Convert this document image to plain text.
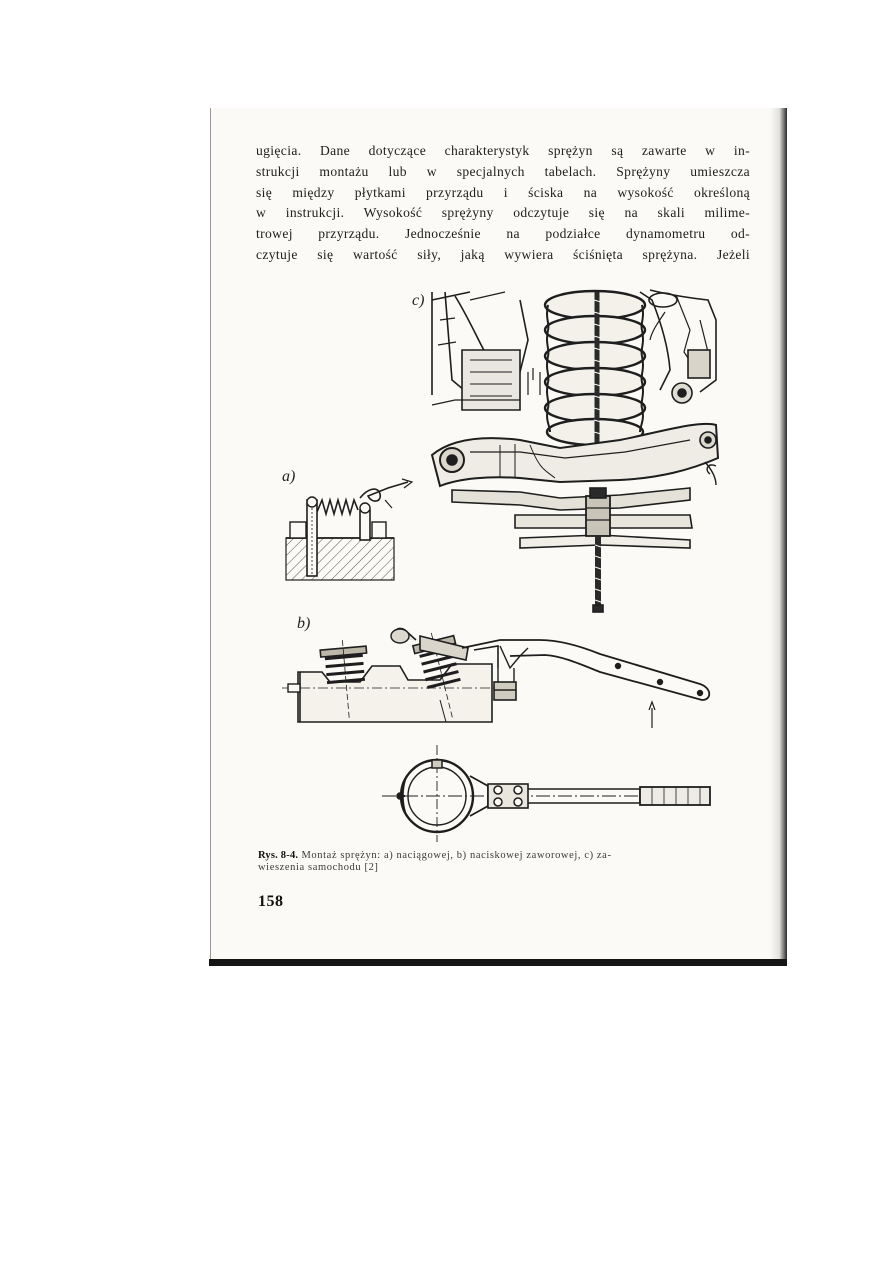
ugięcia. Dane dotyczące charakterystyk sprężyn są zawarte w in-
strukcji montażu lub w specjalnych tabelach. Sprężyny umieszcza
się między płytkami przyrządu i ściska na wysokość określoną
w instrukcji. Wysokość sprężyny odczytuje się na skali milime-
trowej przyrządu. Jednocześnie na podziałce dynamometru od-
czytuje się wartość siły, jaką wywiera ściśnięta sprężyna. Jeżeli

c)
a)
b)
Rys. 8-4. Montaż sprężyn: a) naciągowej, b) naciskowej zaworowej, c) za-
wieszenia samochodu [2]
158
